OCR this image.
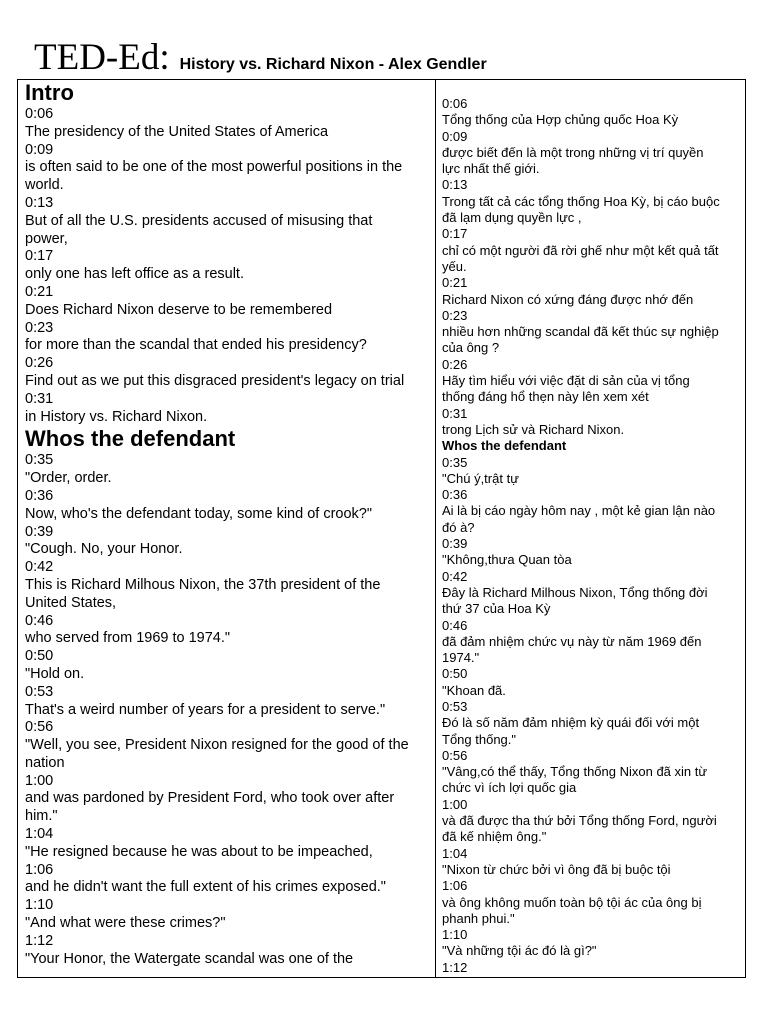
TED-Ed: History vs. Richard Nixon - Alex Gendler
Intro
0:06
The presidency of the United States of America
0:09
is often said to be one of the most powerful positions in the
world.
0:13
But of all the U.S. presidents accused of misusing that
power,
0:17
only one has left office as a result.
0:21
Does Richard Nixon deserve to be remembered
0:23
for more than the scandal that ended his presidency?
0:26
Find out as we put this disgraced president's legacy on trial
0:31
in History vs. Richard Nixon.
Whos the defendant
0:35
"Order, order.
0:36
Now, who's the defendant today, some kind of crook?"
0:39
"Cough. No, your Honor.
0:42
This is Richard Milhous Nixon, the 37th president of the
United States,
0:46
who served from 1969 to 1974."
0:50
"Hold on.
0:53
That's a weird number of years for a president to serve."
0:56
"Well, you see, President Nixon resigned for the good of the
nation
1:00
and was pardoned by President Ford, who took over after
him."
1:04
"He resigned because he was about to be impeached,
1:06
and he didn't want the full extent of his crimes exposed."
1:10
"And what were these crimes?"
1:12
"Your Honor, the Watergate scandal was one of the
0:06
Tổng thống của Hợp chủng quốc Hoa Kỳ
0:09
được biết đến là một trong những vị trí quyền
lực nhất thế giới.
0:13
Trong tất cả các tổng thống Hoa Kỳ, bị cáo buộc
đã lạm dụng quyền lực ,
0:17
chỉ có một người đã rời ghế như một kết quả tất
yếu.
0:21
Richard Nixon có xứng đáng được nhớ đến
0:23
nhiều hơn những scandal đã kết thúc sự nghiệp
của ông ?
0:26
Hãy tìm hiểu với việc đặt di sản của vị tổng
thống đáng hổ thẹn này lên xem xét
0:31
trong Lịch sử và Richard Nixon.
Whos the defendant
0:35
"Chú ý,trật tự
0:36
Ai là bị cáo ngày hôm nay , một kẻ gian lận nào
đó à?
0:39
"Không,thưa Quan tòa
0:42
Đây là Richard Milhous Nixon, Tổng thống đời
thứ 37 của Hoa Kỳ
0:46
đã đảm nhiệm chức vụ này từ năm 1969 đến
1974."
0:50
"Khoan đã.
0:53
Đó là số năm đảm nhiệm kỳ quái đối với một
Tổng thống."
0:56
"Vâng,có thể thấy, Tổng thống Nixon đã xin từ
chức vì ích lợi quốc gia
1:00
và đã được tha thứ bởi Tổng thống Ford, người
đã kế nhiệm ông."
1:04
"Nixon từ chức bởi vì ông đã bị buộc tội
1:06
và ông không muốn toàn bộ tội ác của ông bị
phanh phui."
1:10
"Và những tội ác đó là gì?"
1:12
